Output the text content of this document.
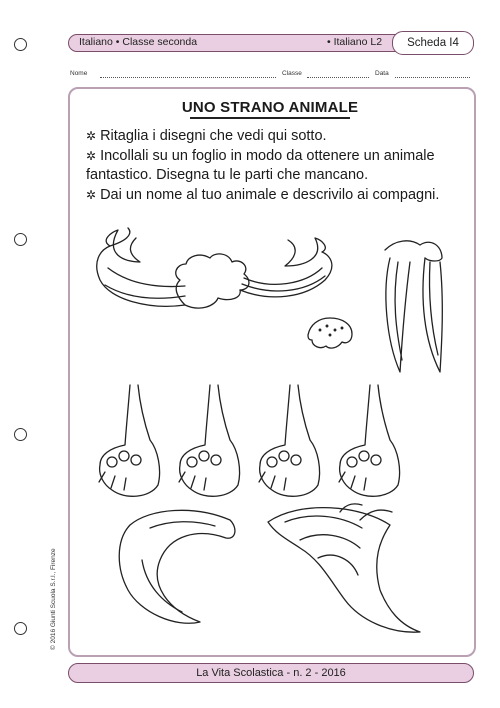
Italiano • Classe seconda	• Italiano L2	Scheda I4
Nome	Classe	Data
UNO STRANO ANIMALE

✲ Ritaglia i disegni che vedi qui sotto.

✲ Incollali su un foglio in modo da ottenere un animale fantastico. Disegna tu le parti che mancano.

✲ Dai un nome al tuo animale e descrivilo ai compagni.

© 2016 Giunti Scuola S.r.l., Firenze
La Vita Scolastica - n. 2 - 2016
